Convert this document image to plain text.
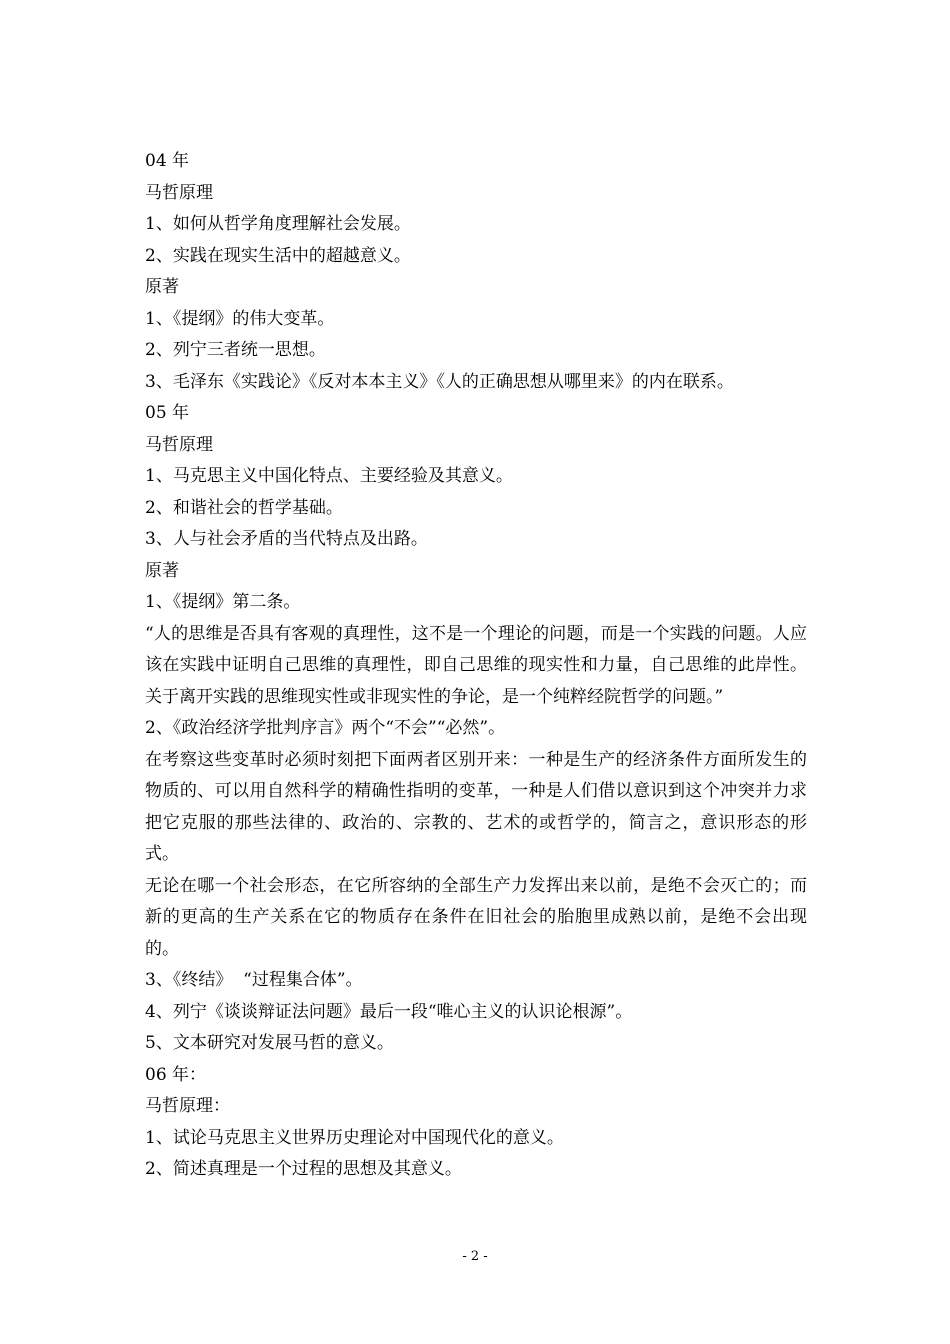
04 年
马哲原理
1、如何从哲学角度理解社会发展。
2、实践在现实生活中的超越意义。
原著
1、《提纲》的伟大变革。
2、列宁三者统一思想。
3、毛泽东《实践论》《反对本本主义》《人的正确思想从哪里来》的内在联系。
05 年
马哲原理
1、马克思主义中国化特点、主要经验及其意义。
2、和谐社会的哲学基础。
3、人与社会矛盾的当代特点及出路。
原著
1、《提纲》第二条。
“人的思维是否具有客观的真理性，这不是一个理论的问题，而是一个实践的问题。人应该在实践中证明自己思维的真理性，即自己思维的现实性和力量，自己思维的此岸性。关于离开实践的思维现实性或非现实性的争论，是一个纯粹经院哲学的问题。”
2、《政治经济学批判序言》两个“不会”“必然”。
在考察这些变革时必须时刻把下面两者区别开来：一种是生产的经济条件方面所发生的物质的、可以用自然科学的精确性指明的变革，一种是人们借以意识到这个冲突并力求把它克服的那些法律的、政治的、宗教的、艺术的或哲学的，简言之，意识形态的形式。
无论在哪一个社会形态，在它所容纳的全部生产力发挥出来以前，是绝不会灭亡的；而新的更高的生产关系在它的物质存在条件在旧社会的胎胞里成熟以前，是绝不会出现的。
3、《终结》  “过程集合体”。
4、列宁《谈谈辩证法问题》最后一段“唯心主义的认识论根源”。
5、文本研究对发展马哲的意义。
06 年：
马哲原理：
1、试论马克思主义世界历史理论对中国现代化的意义。
2、简述真理是一个过程的思想及其意义。
- 2 -
